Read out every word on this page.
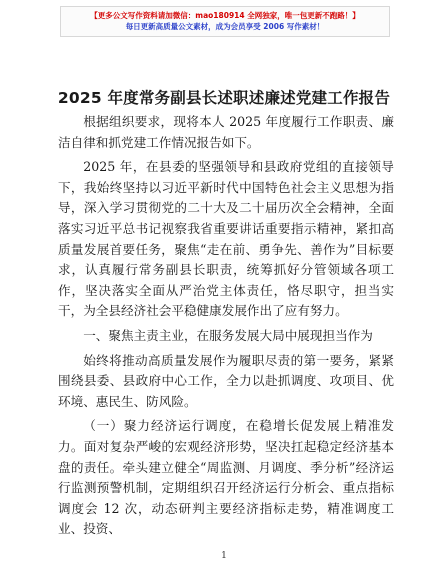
【更多公文写作资料请加微信：mao180914 全网独家，唯一包更新不跑路！】
每日更新高质量公文素材，成为会员享受 2006 写作素材！
2025 年度常务副县长述职述廉述党建工作报告

根据组织要求，现将本人 2025 年度履行工作职责、廉洁自律和抓党建工作情况报告如下。

2025 年，在县委的坚强领导和县政府党组的直接领导下，我始终坚持以习近平新时代中国特色社会主义思想为指导，深入学习贯彻党的二十大及二十届历次全会精神，全面落实习近平总书记视察我省重要讲话重要指示精神，紧扣高质量发展首要任务，聚焦“走在前、勇争先、善作为”目标要求，认真履行常务副县长职责，统筹抓好分管领域各项工作，坚决落实全面从严治党主体责任，恪尽职守，担当实干，为全县经济社会平稳健康发展作出了应有努力。

一、聚焦主责主业，在服务发展大局中展现担当作为

始终将推动高质量发展作为履职尽责的第一要务，紧紧围绕县委、县政府中心工作，全力以赴抓调度、攻项目、优环境、惠民生、防风险。

（一）聚力经济运行调度，在稳增长促发展上精准发力。面对复杂严峻的宏观经济形势，坚决扛起稳定经济基本盘的责任。牵头建立健全“周监测、月调度、季分析”经济运行监测预警机制，定期组织召开经济运行分析会、重点指标调度会 12 次，动态研判主要经济指标走势，精准调度工业、投资、

1
